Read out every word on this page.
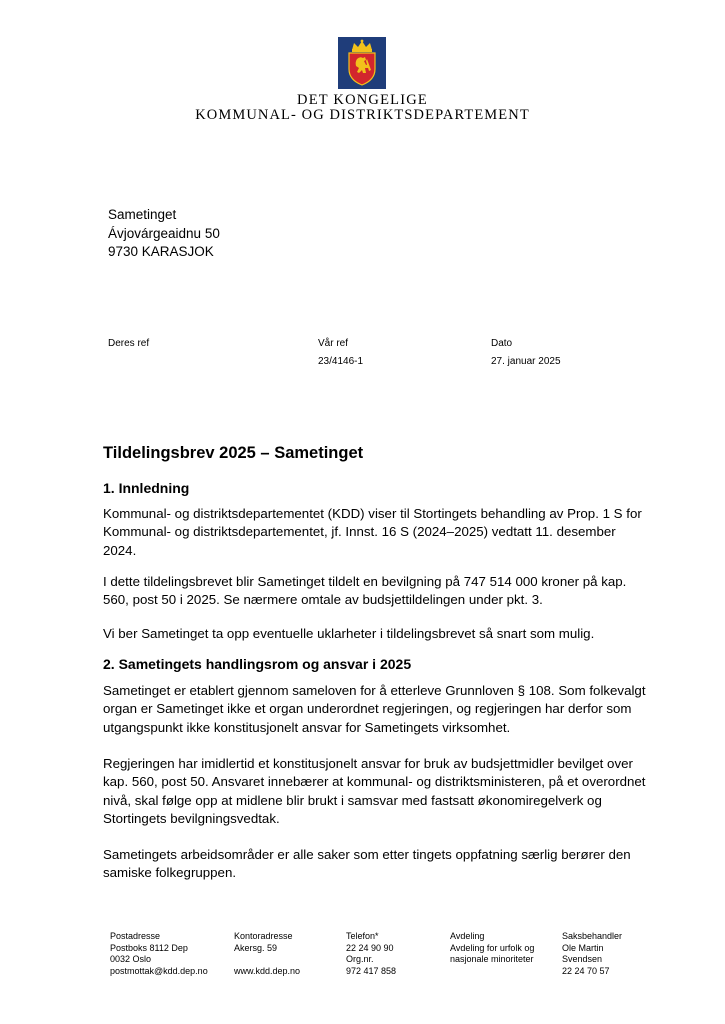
DET KONGELIGE
KOMMUNAL- OG DISTRIKTSDEPARTEMENT
Sametinget
Ávjovárgeaidnu 50
9730 KARASJOK
Deres ref	Vår ref
23/4146-1
Dato
27. januar 2025
Tildelingsbrev 2025 – Sametinget
1. Innledning
Kommunal- og distriktsdepartementet (KDD) viser til Stortingets behandling av Prop. 1 S for
Kommunal- og distriktsdepartementet, jf. Innst. 16 S (2024–2025) vedtatt 11. desember
2024.
I dette tildelingsbrevet blir Sametinget tildelt en bevilgning på 747 514 000 kroner på kap.
560, post 50 i 2025. Se nærmere omtale av budsjettildelingen under pkt. 3.
Vi ber Sametinget ta opp eventuelle uklarheter i tildelingsbrevet så snart som mulig.
2. Sametingets handlingsrom og ansvar i 2025
Sametinget er etablert gjennom sameloven for å etterleve Grunnloven § 108. Som folkevalgt
organ er Sametinget ikke et organ underordnet regjeringen, og regjeringen har derfor som
utgangspunkt ikke konstitusjonelt ansvar for Sametingets virksomhet.
Regjeringen har imidlertid et konstitusjonelt ansvar for bruk av budsjettmidler bevilget over
kap. 560, post 50. Ansvaret innebærer at kommunal- og distriktsministeren, på et overordnet
nivå, skal følge opp at midlene blir brukt i samsvar med fastsatt økonomiregelverk og
Stortingets bevilgningsvedtak.
Sametingets arbeidsområder er alle saker som etter tingets oppfatning særlig berører den
samiske folkegruppen.
Postadresse
Postboks 8112 Dep
0032 Oslo
postmottak@kdd.dep.no
Kontoradresse
Akersg. 59

www.kdd.dep.no
Telefon*
22 24 90 90
Org.nr.
972 417 858
Avdeling
Avdeling for urfolk og
nasjonale minoriteter
Saksbehandler
Ole Martin
Svendsen
22 24 70 57
